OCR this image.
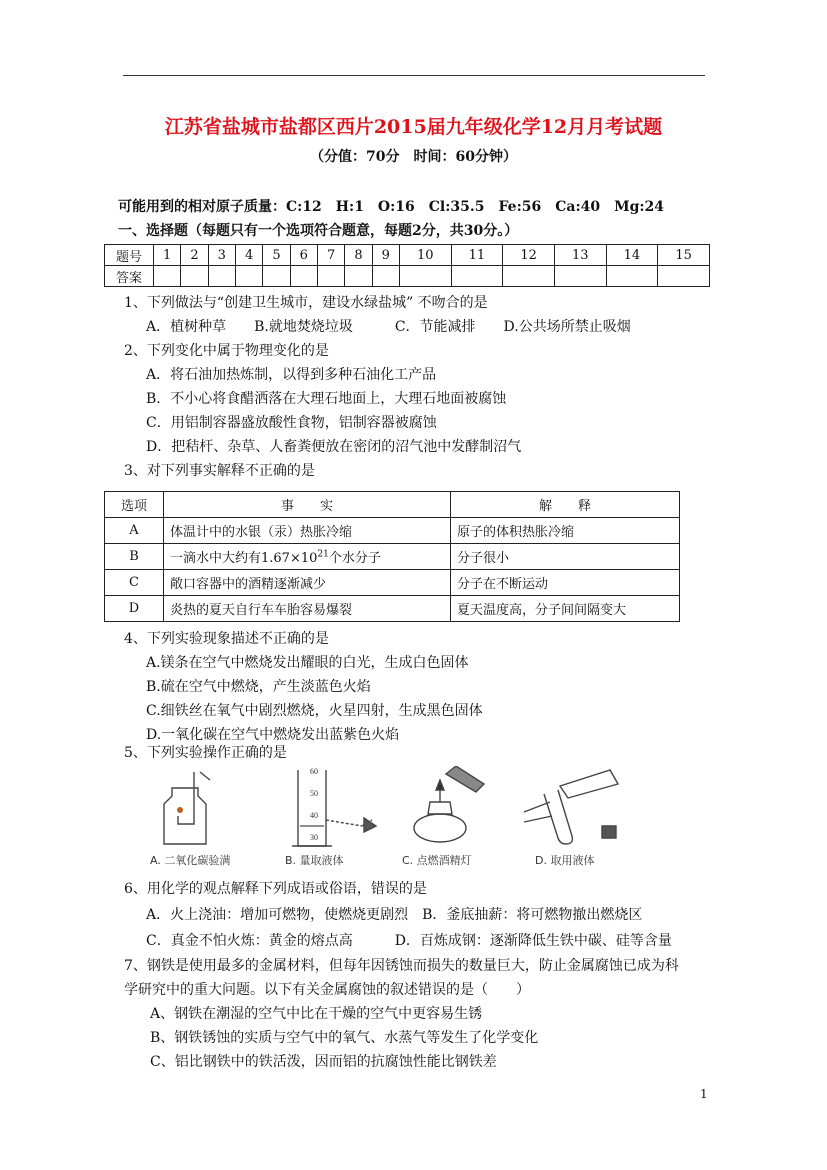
江苏省盐城市盐都区西片2015届九年级化学12月月考试题
（分值：70分　时间：60分钟）
可能用到的相对原子质量：C:12　H:1　O:16　Cl:35.5　Fe:56　Ca:40　Mg:24
一、选择题（每题只有一个选项符合题意，每题2分，共30分。）
题号	1	2	3	4	5	6	7	8	9	10	11	12	13	14	15
答案															
1、下列做法与“创建卫生城市，建设水绿盐城” 不吻合的是
A．植树种草　　B.就地焚烧垃圾　　　C．节能减排　　D.公共场所禁止吸烟
2、下列变化中属于物理变化的是
A．将石油加热炼制，以得到多种石油化工产品
B．不小心将食醋洒落在大理石地面上，大理石地面被腐蚀
C．用铝制容器盛放酸性食物，铝制容器被腐蚀
D．把秸杆、杂草、人畜粪便放在密闭的沼气池中发酵制沼气
3、对下列事实解释不正确的是
选项	事　　实	解　　释
A	体温计中的水银（汞）热胀冷缩	原子的体积热胀冷缩
B	一滴水中大约有$1.67\times 10^{21}$个水分子	分子很小
C	敞口容器中的酒精逐渐减少	分子在不断运动
D	炎热的夏天自行车车胎容易爆裂	夏天温度高，分子间间隔变大
4、下列实验现象描述不正确的是
A.镁条在空气中燃烧发出耀眼的白光，生成白色固体
B.硫在空气中燃烧，产生淡蓝色火焰
C.细铁丝在氧气中剧烈燃烧，火星四射，生成黑色固体
D.一氧化碳在空气中燃烧发出蓝紫色火焰
5、下列实验操作正确的是
60
50
40
30
A. 二氧化碳验满	B. 量取液体	C. 点燃酒精灯	D. 取用液体
6、用化学的观点解释下列成语或俗语，错误的是
A．火上浇油：增加可燃物，使燃烧更剧烈　B．釜底抽薪：将可燃物撤出燃烧区
C．真金不怕火炼：黄金的熔点高　　　D．百炼成钢：逐渐降低生铁中碳、硅等含量
7、钢铁是使用最多的金属材料，但每年因锈蚀而损失的数量巨大，防止金属腐蚀已成为科
学研究中的重大问题。以下有关金属腐蚀的叙述错误的是（　　）
A、钢铁在潮湿的空气中比在干燥的空气中更容易生锈
B、钢铁锈蚀的实质与空气中的氧气、水蒸气等发生了化学变化
C、铝比钢铁中的铁活泼，因而铝的抗腐蚀性能比钢铁差
1
